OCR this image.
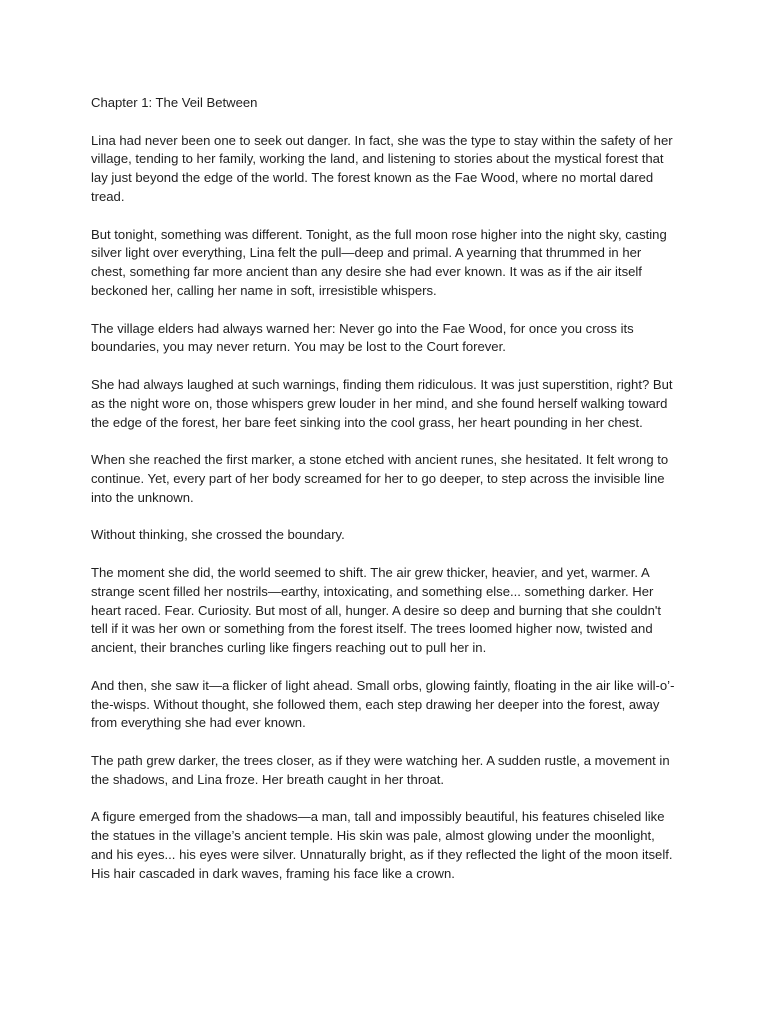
Chapter 1: The Veil Between

Lina had never been one to seek out danger. In fact, she was the type to stay within the safety of her village, tending to her family, working the land, and listening to stories about the mystical forest that lay just beyond the edge of the world. The forest known as the Fae Wood, where no mortal dared tread.

But tonight, something was different. Tonight, as the full moon rose higher into the night sky, casting silver light over everything, Lina felt the pull—deep and primal. A yearning that thrummed in her chest, something far more ancient than any desire she had ever known. It was as if the air itself beckoned her, calling her name in soft, irresistible whispers.

The village elders had always warned her: Never go into the Fae Wood, for once you cross its boundaries, you may never return. You may be lost to the Court forever.

She had always laughed at such warnings, finding them ridiculous. It was just superstition, right? But as the night wore on, those whispers grew louder in her mind, and she found herself walking toward the edge of the forest, her bare feet sinking into the cool grass, her heart pounding in her chest.

When she reached the first marker, a stone etched with ancient runes, she hesitated. It felt wrong to continue. Yet, every part of her body screamed for her to go deeper, to step across the invisible line into the unknown.

Without thinking, she crossed the boundary.

The moment she did, the world seemed to shift. The air grew thicker, heavier, and yet, warmer. A strange scent filled her nostrils—earthy, intoxicating, and something else... something darker. Her heart raced. Fear. Curiosity. But most of all, hunger. A desire so deep and burning that she couldn't tell if it was her own or something from the forest itself. The trees loomed higher now, twisted and ancient, their branches curling like fingers reaching out to pull her in.

And then, she saw it—a flicker of light ahead. Small orbs, glowing faintly, floating in the air like will-o’-the-wisps. Without thought, she followed them, each step drawing her deeper into the forest, away from everything she had ever known.

The path grew darker, the trees closer, as if they were watching her. A sudden rustle, a movement in the shadows, and Lina froze. Her breath caught in her throat.

A figure emerged from the shadows—a man, tall and impossibly beautiful, his features chiseled like the statues in the village’s ancient temple. His skin was pale, almost glowing under the moonlight, and his eyes... his eyes were silver. Unnaturally bright, as if they reflected the light of the moon itself. His hair cascaded in dark waves, framing his face like a crown.
